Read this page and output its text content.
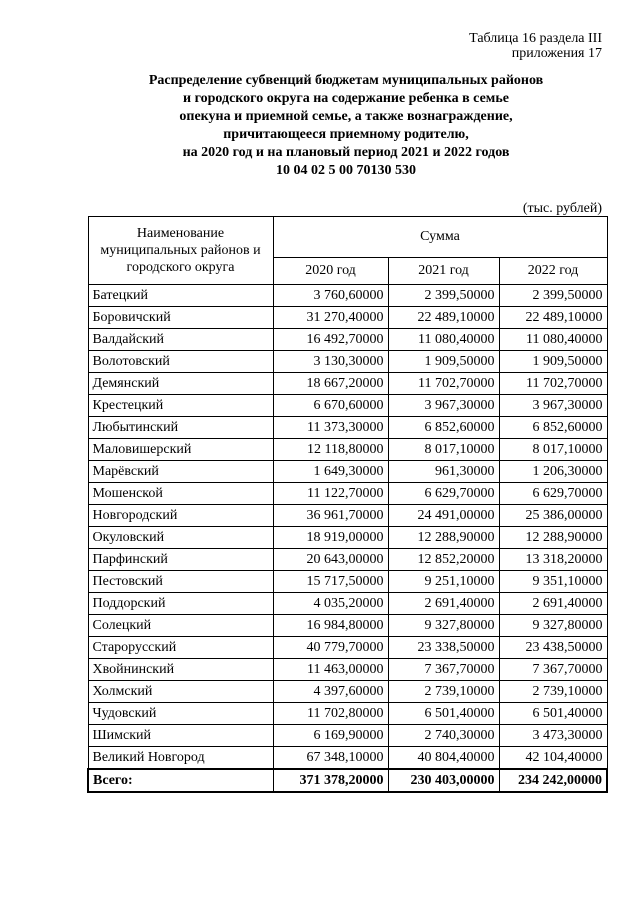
Таблица 16 раздела III
приложения 17
Распределение субвенций бюджетам муниципальных районов
и городского округа на содержание ребенка в семье
опекуна и приемной семье, а также вознаграждение,
причитающееся приемному родителю,
на 2020 год и на плановый период 2021 и 2022 годов
10 04 02 5 00 70130 530
(тыс. рублей)
Наименование муниципальных районов и городского округа	Сумма		
	2020 год	2021 год	2022 год
Батецкий	3 760,60000	2 399,50000	2 399,50000
Боровичский	31 270,40000	22 489,10000	22 489,10000
Валдайский	16 492,70000	11 080,40000	11 080,40000
Волотовский	3 130,30000	1 909,50000	1 909,50000
Демянский	18 667,20000	11 702,70000	11 702,70000
Крестецкий	6 670,60000	3 967,30000	3 967,30000
Любытинский	11 373,30000	6 852,60000	6 852,60000
Маловишерский	12 118,80000	8 017,10000	8 017,10000
Марёвский	1 649,30000	961,30000	1 206,30000
Мошенской	11 122,70000	6 629,70000	6 629,70000
Новгородский	36 961,70000	24 491,00000	25 386,00000
Окуловский	18 919,00000	12 288,90000	12 288,90000
Парфинский	20 643,00000	12 852,20000	13 318,20000
Пестовский	15 717,50000	9 251,10000	9 351,10000
Поддорский	4 035,20000	2 691,40000	2 691,40000
Солецкий	16 984,80000	9 327,80000	9 327,80000
Старорусский	40 779,70000	23 338,50000	23 438,50000
Хвойнинский	11 463,00000	7 367,70000	7 367,70000
Холмский	4 397,60000	2 739,10000	2 739,10000
Чудовский	11 702,80000	6 501,40000	6 501,40000
Шимский	6 169,90000	2 740,30000	3 473,30000
Великий Новгород	67 348,10000	40 804,40000	42 104,40000
Всего:	371 378,20000	230 403,00000	234 242,00000
